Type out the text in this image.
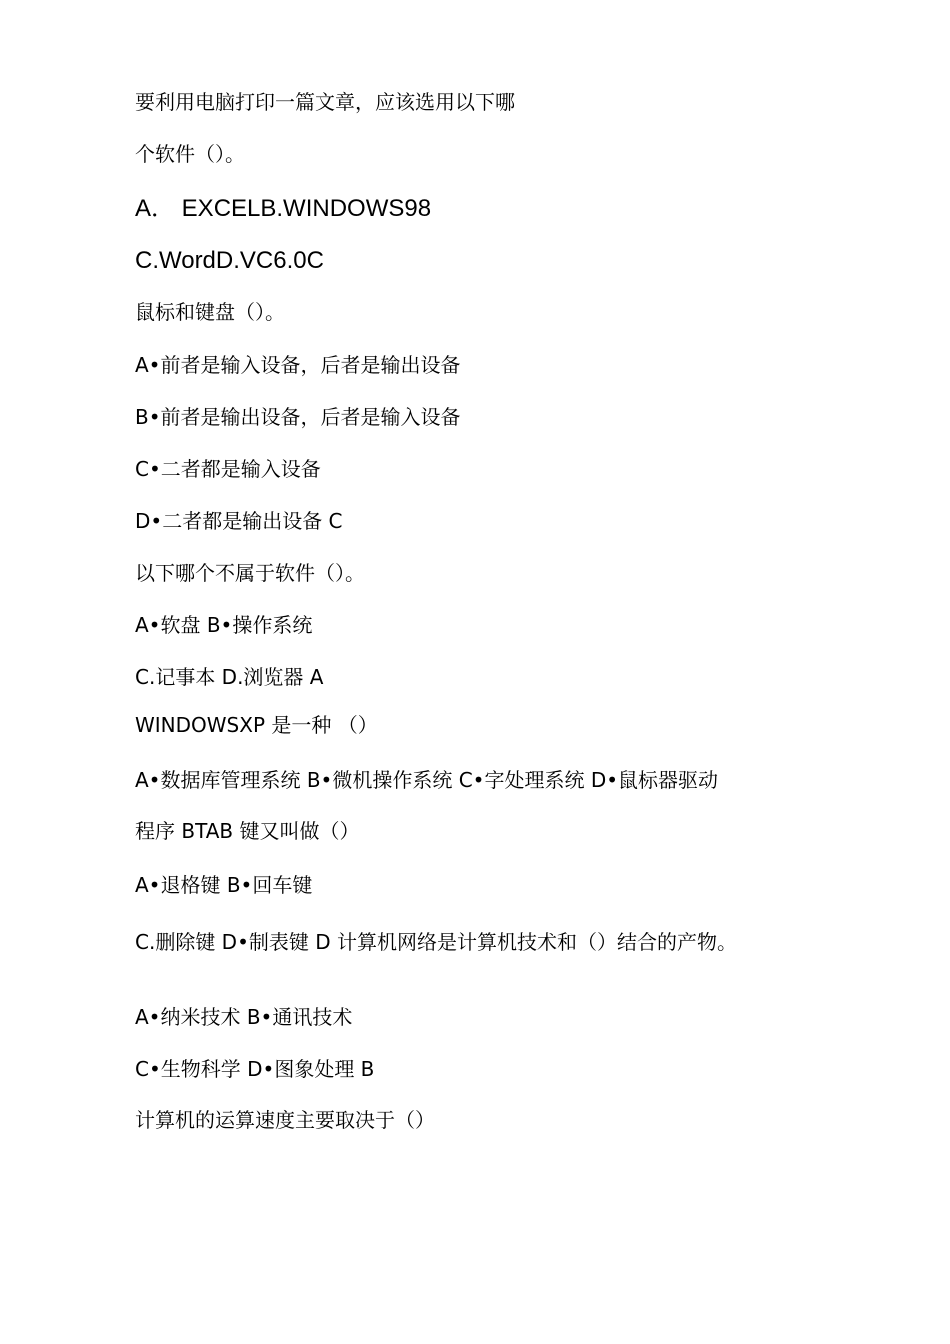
要利用电脑打印一篇文章，应该选用以下哪
个软件（）。
A． EXCELB.WINDOWS98
C.WordD.VC6.0C
鼠标和键盘（）。
A•前者是输入设备，后者是输出设备
B•前者是输出设备，后者是输入设备
C•二者都是输入设备
D•二者都是输出设备 C
以下哪个不属于软件（）。
A•软盘 B•操作系统
C.记事本 D.浏览器 A
WINDOWSXP 是一种 （）
A•数据库管理系统 B•微机操作系统 C•字处理系统 D•鼠标器驱动
程序 BTAB 键又叫做（）
A•退格键 B•回车键
C.删除键 D•制表键 D 计算机网络是计算机技术和（）结合的产物。
A•纳米技术 B•通讯技术
C•生物科学 D•图象处理 B
计算机的运算速度主要取决于（）
